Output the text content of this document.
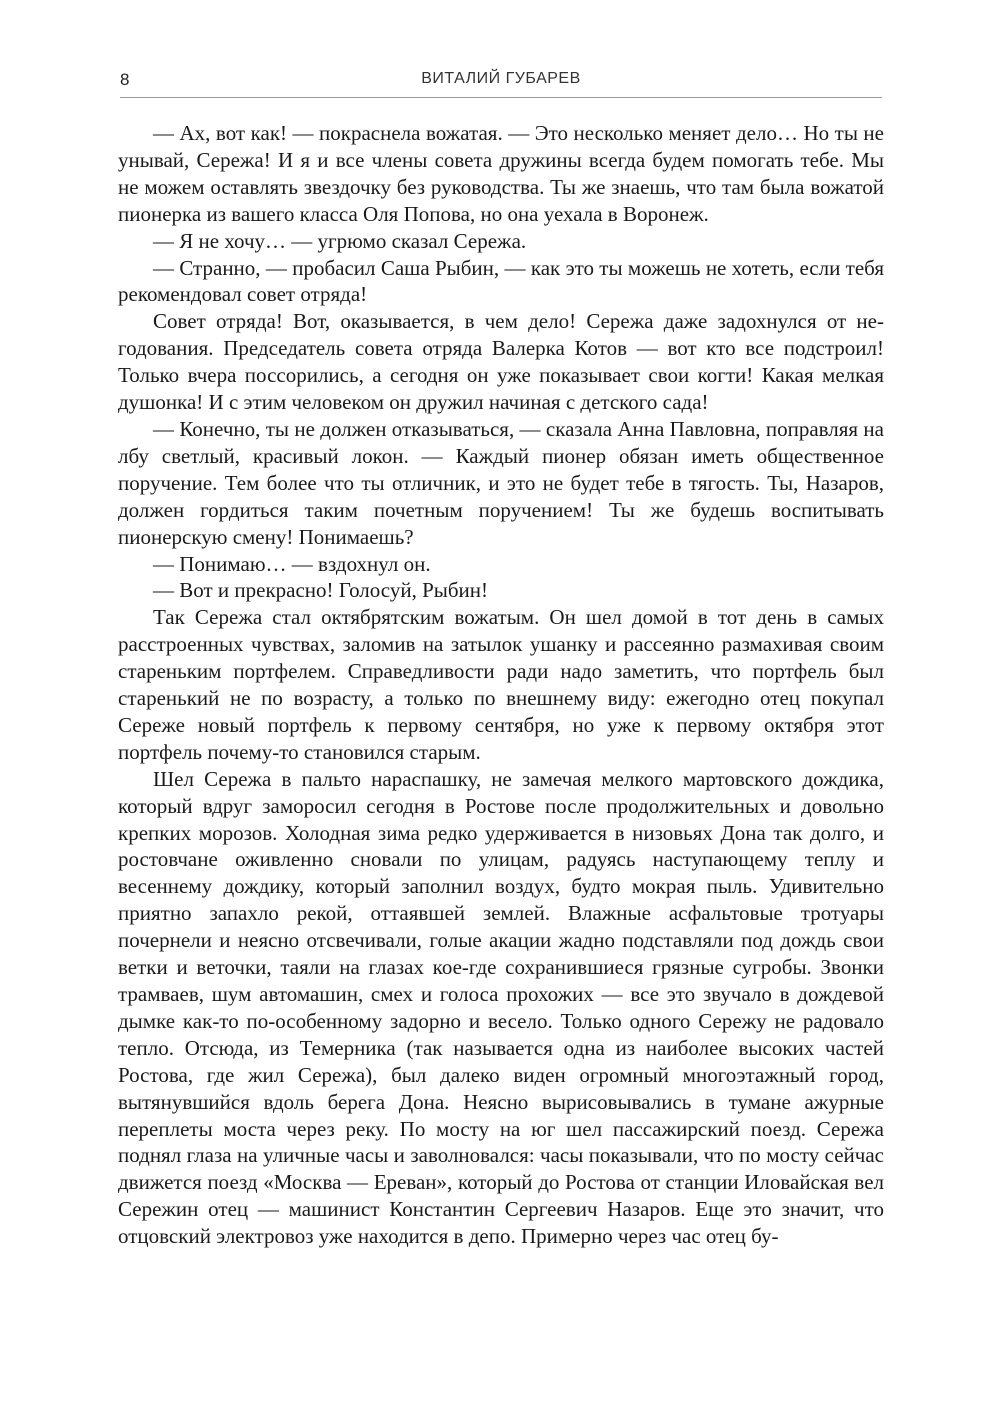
8	ВИТАЛИЙ ГУБАРЕВ

— Ах, вот как! — покраснела вожатая. — Это несколько меняет дело… Но ты не унывай, Сережа! И я и все члены совета дружины всегда будем помогать тебе. Мы не можем оставлять звездочку без руководства. Ты же знаешь, что там была вожатой пионерка из вашего класса Оля Попова, но она уехала в Воронеж.

— Я не хочу… — угрюмо сказал Сережа.

— Странно, — пробасил Саша Рыбин, — как это ты можешь не хотеть, если тебя рекомендовал совет отряда!

Совет отряда! Вот, оказывается, в чем дело! Сережа даже задохнулся от негодования. Председатель совета отряда Валерка Котов — вот кто все подстроил! Только вчера поссорились, а сегодня он уже показывает свои когти! Какая мелкая душонка! И с этим человеком он дружил начиная с детского сада!

— Конечно, ты не должен отказываться, — сказала Анна Павловна, поправляя на лбу светлый, красивый локон. — Каждый пионер обязан иметь общественное поручение. Тем более что ты отличник, и это не будет тебе в тягость. Ты, Назаров, должен гордиться таким почетным поручением! Ты же будешь воспитывать пионерскую смену! Понимаешь?

— Понимаю… — вздохнул он.

— Вот и прекрасно! Голосуй, Рыбин!

Так Сережа стал октябрятским вожатым. Он шел домой в тот день в самых расстроенных чувствах, заломив на затылок ушанку и рассеянно размахивая своим стареньким портфелем. Справедливости ради надо заметить, что портфель был старенький не по возрасту, а только по внешнему виду: ежегодно отец покупал Сереже новый портфель к первому сентября, но уже к первому октября этот портфель почему-то становился старым.

Шел Сережа в пальто нараспашку, не замечая мелкого мартовского дождика, который вдруг заморосил сегодня в Ростове после продолжительных и довольно крепких морозов. Холодная зима редко удерживается в низовьях Дона так долго, и ростовчане оживленно сновали по улицам, радуясь наступающему теплу и весеннему дождику, который заполнил воздух, будто мокрая пыль. Удивительно приятно запахло рекой, оттаявшей землей. Влажные асфальтовые тротуары почернели и неясно отсвечивали, голые акации жадно подставляли под дождь свои ветки и веточки, таяли на глазах кое-где сохранившиеся грязные сугробы. Звонки трамваев, шум автомашин, смех и голоса прохожих — все это звучало в дождевой дымке как-то по-особенному задорно и весело. Только одного Сережу не радовало тепло. Отсюда, из Темерника (так называется одна из наиболее высоких частей Ростова, где жил Сережа), был далеко виден огромный многоэтажный город, вытянувшийся вдоль берега Дона. Неясно вырисовывались в тумане ажурные переплеты моста через реку. По мосту на юг шел пассажирский поезд. Сережа поднял глаза на уличные часы и заволновался: часы показывали, что по мосту сейчас движется поезд «Москва — Ереван», который до Ростова от станции Иловайская вел Сережин отец — машинист Константин Сергеевич Назаров. Еще это значит, что отцовский электровоз уже находится в депо. Примерно через час отец бу-
